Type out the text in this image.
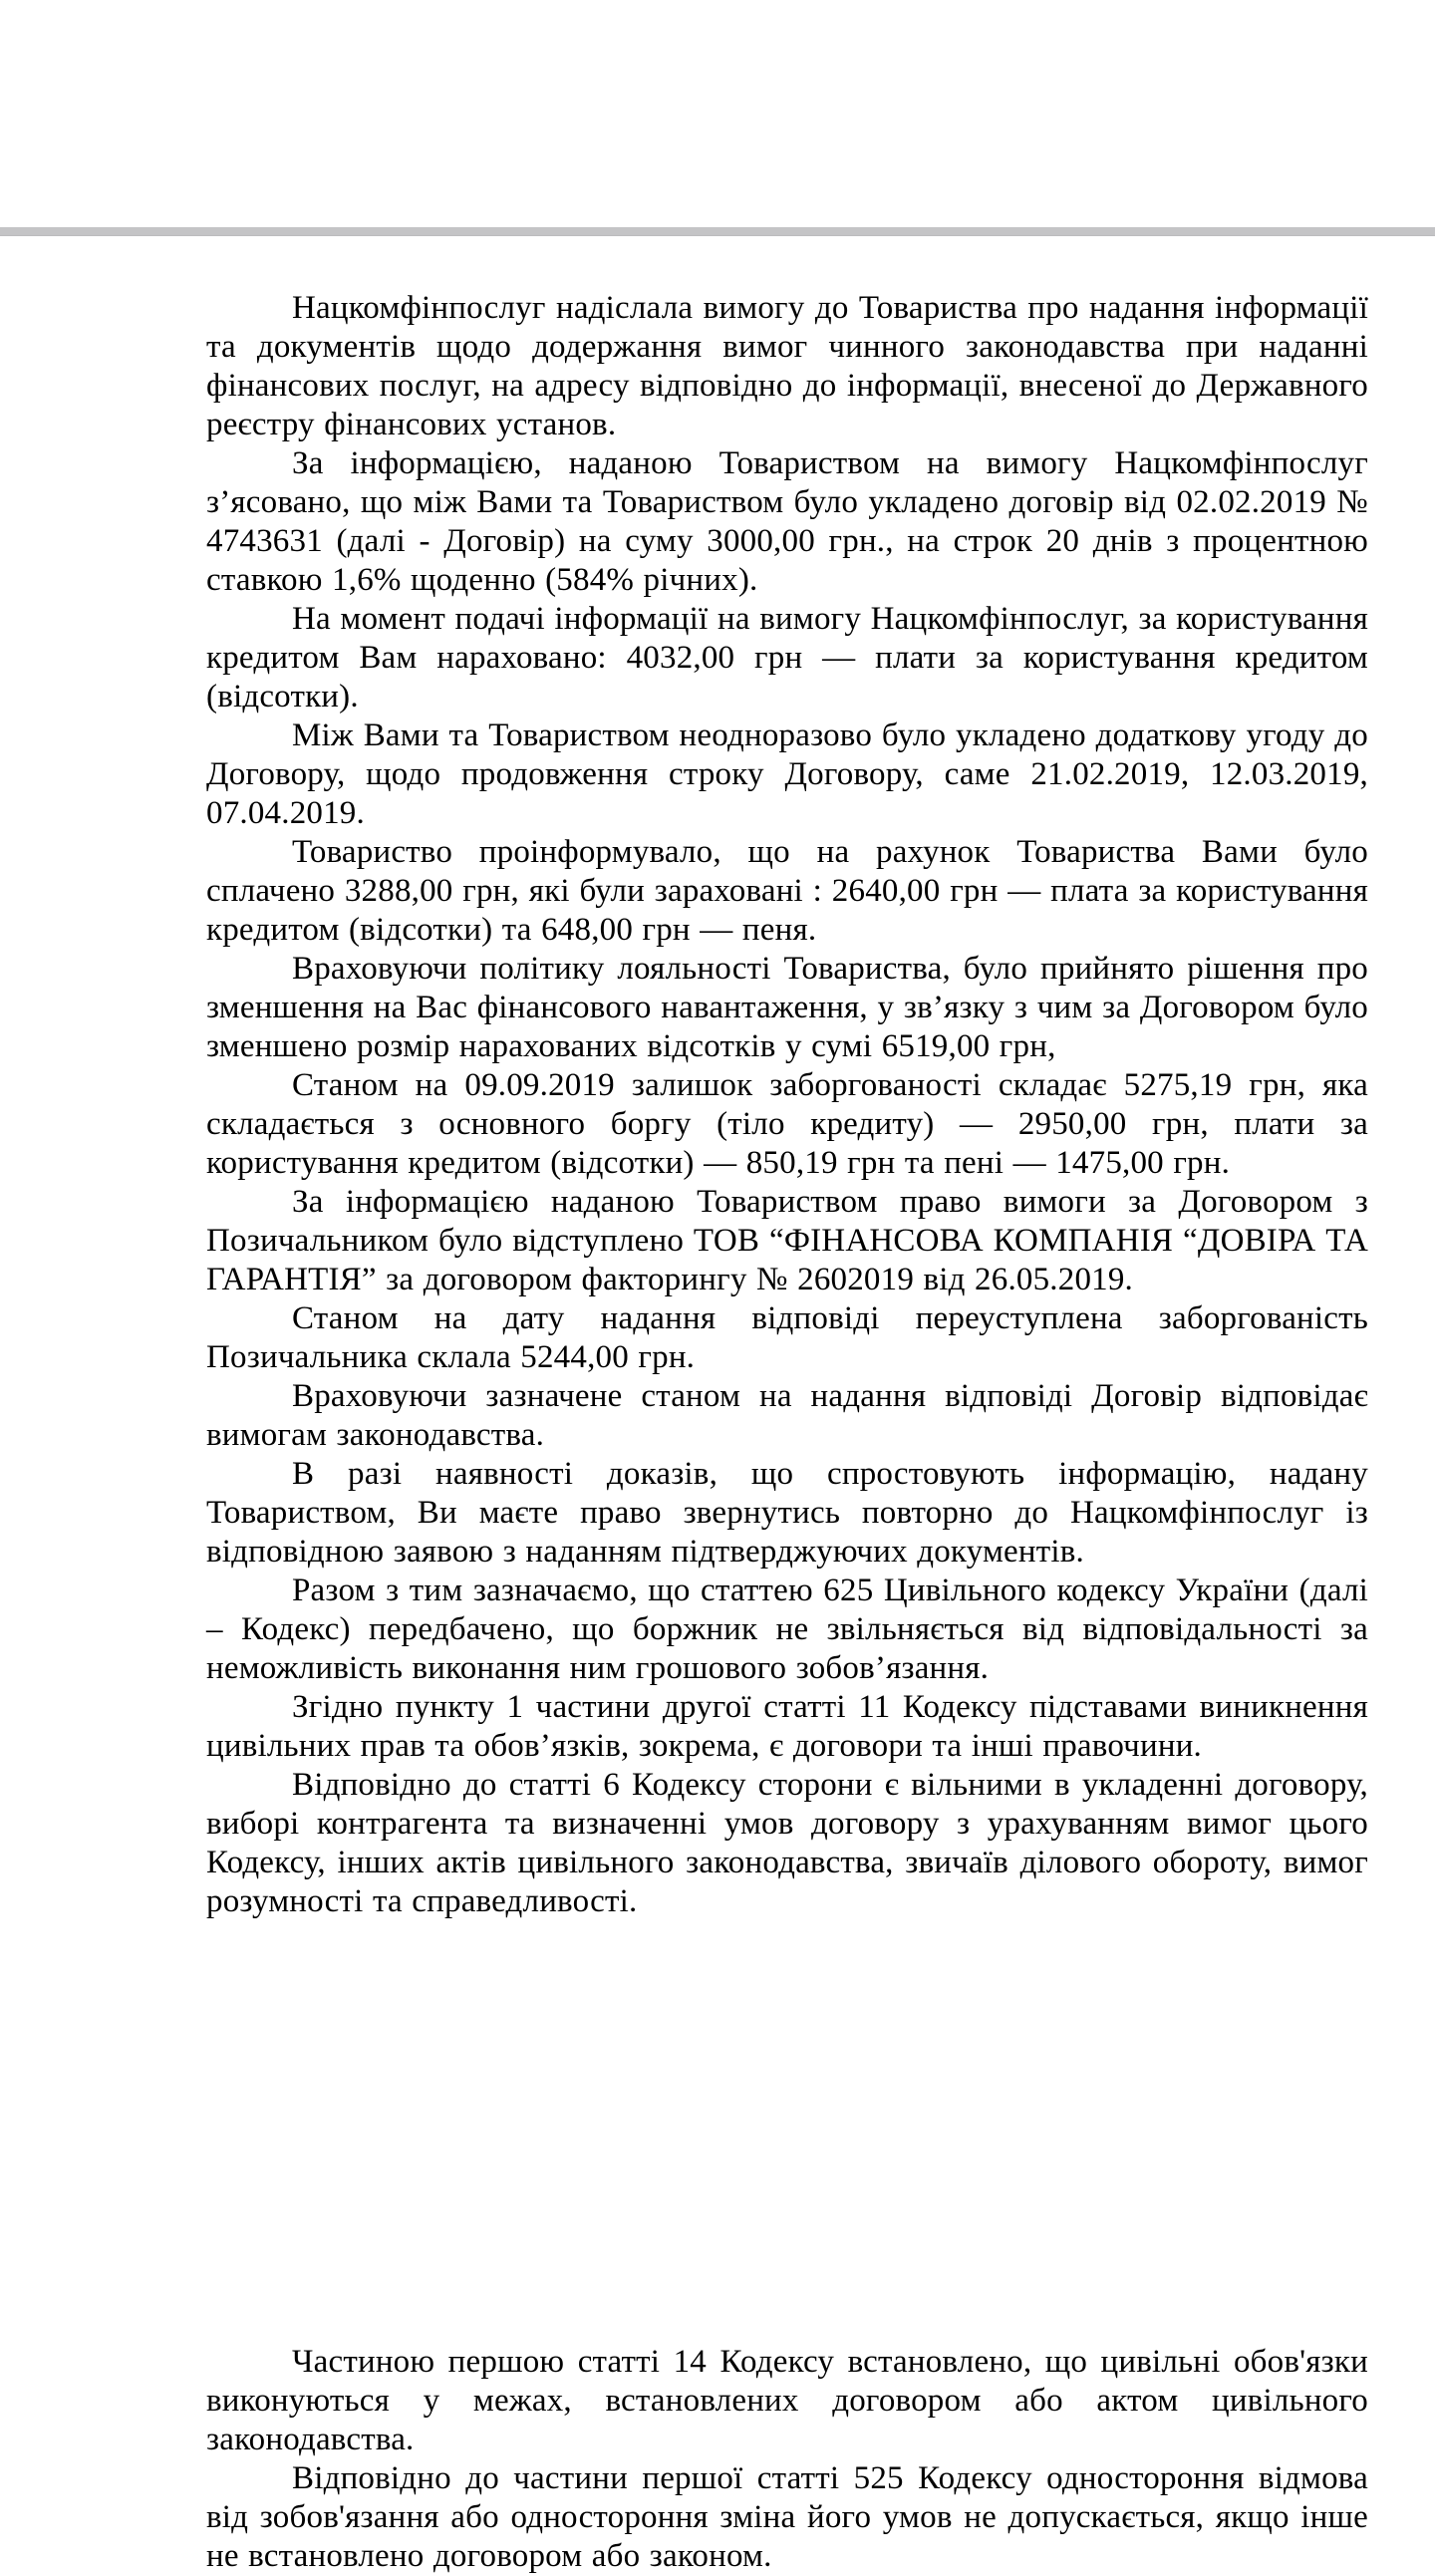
Нацкомфінпослуг надіслала вимогу до Товариства про надання інформації та документів щодо додержання вимог чинного законодавства при наданні фінансових послуг, на адресу відповідно до інформації, внесеної до Державного реєстру фінансових установ.

За інформацією, наданою Товариством на вимогу Нацкомфінпослуг з’ясовано, що між Вами та Товариством було укладено договір від 02.02.2019 № 4743631 (далі - Договір) на суму 3000,00 грн., на строк 20 днів з процентною ставкою 1,6% щоденно (584% річних).

На момент подачі інформації на вимогу Нацкомфінпослуг, за користування кредитом Вам нараховано: 4032,00 грн — плати за користування кредитом (відсотки).

Між Вами та Товариством неодноразово було укладено додаткову угоду до Договору, щодо продовження строку Договору, саме 21.02.2019, 12.03.2019, 07.04.2019.

Товариство проінформувало, що на рахунок Товариства Вами було сплачено 3288,00 грн, які були зараховані : 2640,00 грн — плата за користування кредитом (відсотки) та 648,00 грн — пеня.

Враховуючи політику лояльності Товариства, було прийнято рішення про зменшення на Вас фінансового навантаження, у зв’язку з чим за Договором було зменшено розмір нарахованих відсотків у сумі 6519,00 грн,

Станом на 09.09.2019 залишок заборгованості складає 5275,19 грн, яка складається з основного боргу (тіло кредиту) — 2950,00 грн, плати за користування кредитом (відсотки) — 850,19 грн та пені — 1475,00 грн.

За інформацією наданою Товариством право вимоги за Договором з Позичальником було відступлено ТОВ “ФІНАНСОВА КОМПАНІЯ “ДОВІРА ТА ГАРАНТІЯ” за договором факторингу № 2602019 від 26.05.2019.

Станом на дату надання відповіді переуступлена заборгованість Позичальника склала 5244,00 грн.

Враховуючи зазначене станом на надання відповіді Договір відповідає вимогам законодавства.

В разі наявності доказів, що спростовують інформацію, надану Товариством, Ви маєте право звернутись повторно до Нацкомфінпослуг із відповідною заявою з наданням підтверджуючих документів.

Разом з тим зазначаємо, що статтею 625 Цивільного кодексу України (далі – Кодекс) передбачено, що боржник не звільняється від відповідальності за неможливість виконання ним грошового зобов’язання.

Згідно пункту 1 частини другої статті 11 Кодексу підставами виникнення цивільних прав та обов’язків, зокрема, є договори та інші правочини.

Відповідно до статті 6 Кодексу сторони є вільними в укладенні договору, виборі контрагента та визначенні умов договору з урахуванням вимог цього Кодексу, інших актів цивільного законодавства, звичаїв ділового обороту, вимог розумності та справедливості.

Частиною першою статті 14 Кодексу встановлено, що цивільні обов'язки виконуються у межах, встановлених договором або актом цивільного законодавства.

Відповідно до частини першої статті 525 Кодексу одностороння відмова від зобов'язання або одностороння зміна його умов не допускається, якщо інше не встановлено договором або законом.
